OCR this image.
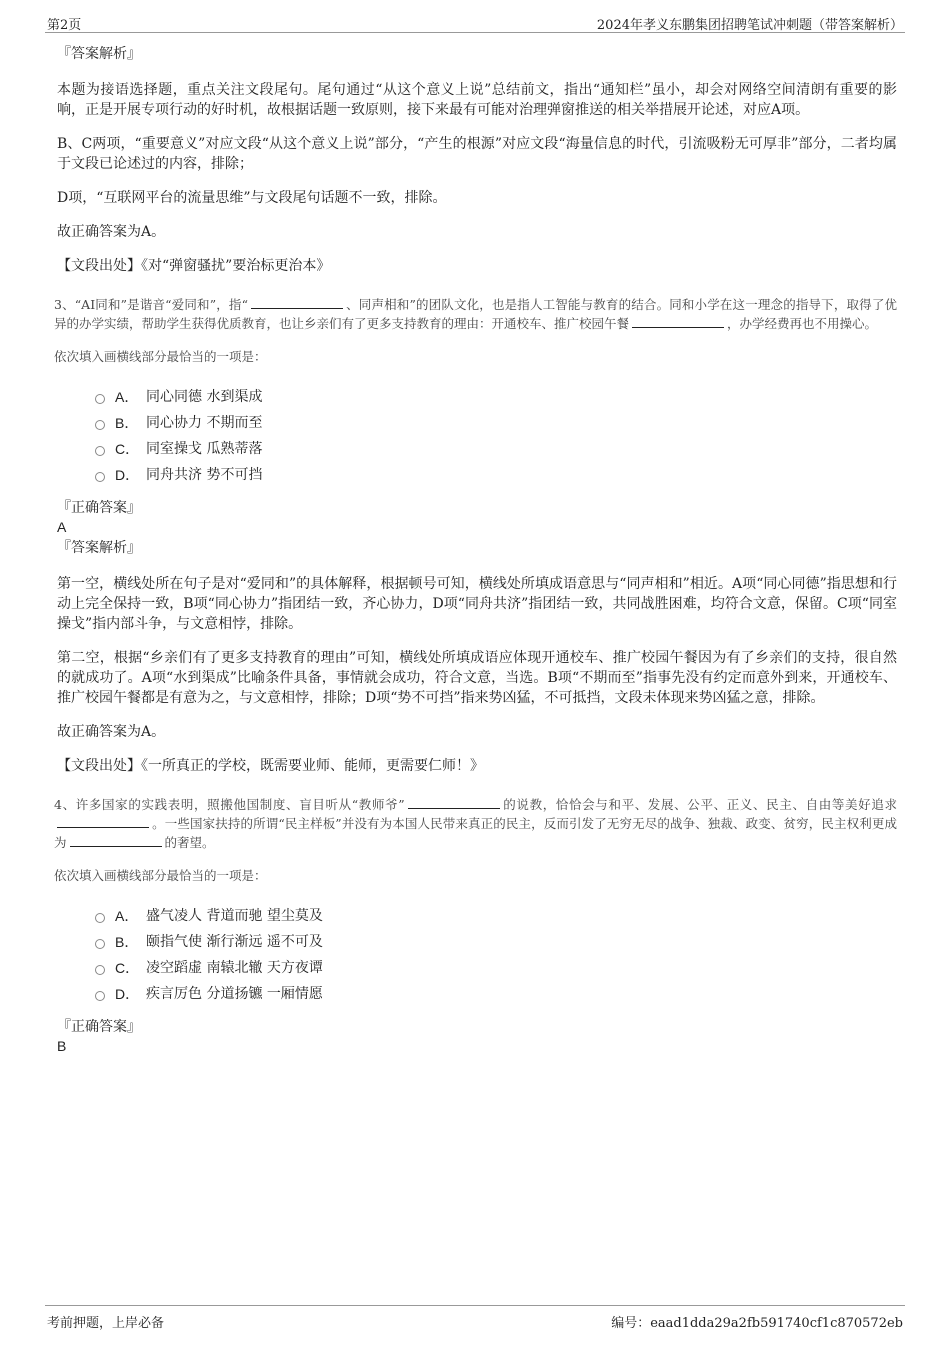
第2页	2024年孝义东鹏集团招聘笔试冲刺题（带答案解析）

『答案解析』

本题为接语选择题，重点关注文段尾句。尾句通过“从这个意义上说”总结前文，指出“通知栏”虽小，却会对网络空间清朗有重要的影响，正是开展专项行动的好时机，故根据话题一致原则，接下来最有可能对治理弹窗推送的相关举措展开论述，对应A项。

B、C两项，“重要意义”对应文段“从这个意义上说”部分，“产生的根源”对应文段“海量信息的时代，引流吸粉无可厚非”部分，二者均属于文段已论述过的内容，排除；

D项，“互联网平台的流量思维”与文段尾句话题不一致，排除。

故正确答案为A。

【文段出处】《对“弹窗骚扰”要治标更治本》

3、“AI同和”是谐音“爱同和”，指“	、同声相和”的团队文化，也是指人工智能与教育的结合。同和小学在这一理念的指导下，取得了优异的办学实绩，帮助学生获得优质教育，也让乡亲们有了更多支持教育的理由：开通校车、推广校园午餐	，办学经费再也不用操心。

依次填入画横线部分最恰当的一项是：

A． 同心同德 水到渠成
B． 同心协力 不期而至
C． 同室操戈 瓜熟蒂落
D． 同舟共济 势不可挡

『正确答案』

A

『答案解析』

第一空，横线处所在句子是对“爱同和”的具体解释，根据顿号可知，横线处所填成语意思与“同声相和”相近。A项“同心同德”指思想和行动上完全保持一致，B项“同心协力”指团结一致，齐心协力，D项“同舟共济”指团结一致，共同战胜困难，均符合文意，保留。C项“同室操戈”指内部斗争，与文意相悖，排除。

第二空，根据“乡亲们有了更多支持教育的理由”可知，横线处所填成语应体现开通校车、推广校园午餐因为有了乡亲们的支持，很自然的就成功了。A项“水到渠成”比喻条件具备，事情就会成功，符合文意，当选。B项“不期而至”指事先没有约定而意外到来，开通校车、推广校园午餐都是有意为之，与文意相悖，排除；D项“势不可挡”指来势凶猛，不可抵挡，文段未体现来势凶猛之意，排除。

故正确答案为A。

【文段出处】《一所真正的学校，既需要业师、能师，更需要仁师！》

4、许多国家的实践表明，照搬他国制度、盲目听从“教师爷”	的说教，恰恰会与和平、发展、公平、正义、民主、自由等美好追求。一些国家扶持的所谓“民主样板”并没有为本国人民带来真正的民主，反而引发了无穷无尽的战争、独裁、政变、贫穷，民主权利更成为	的奢望。

依次填入画横线部分最恰当的一项是：

A． 盛气凌人 背道而驰 望尘莫及
B． 颐指气使 渐行渐远 遥不可及
C． 凌空蹈虚 南辕北辙 天方夜谭
D． 疾言厉色 分道扬镳 一厢情愿

『正确答案』

B

考前押题，上岸必备	编号：eaad1dda29a2fb591740cf1c870572eb
